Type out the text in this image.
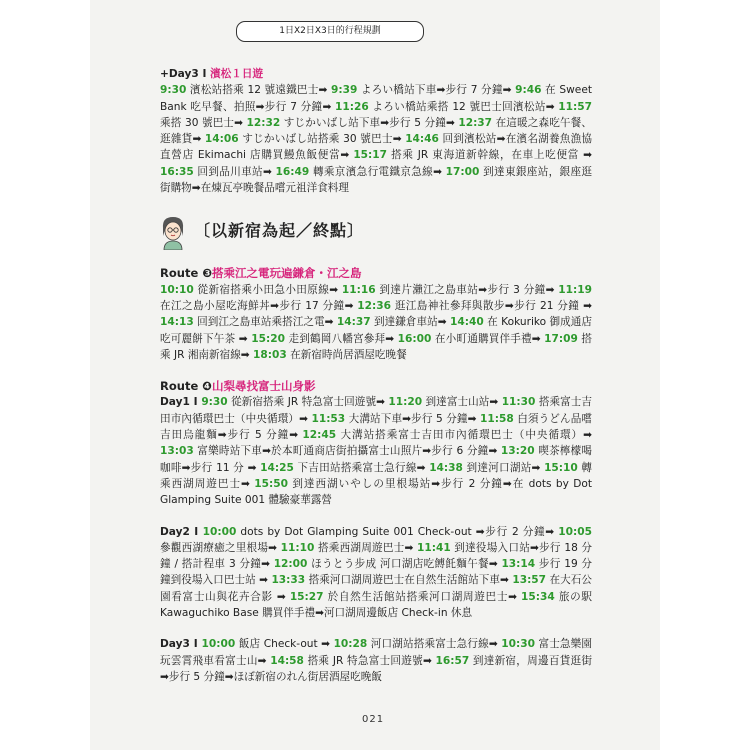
1日X2日X3日的行程規劃
+Day3 I 濱松１日遊
9:30 濱松站搭乘 12 號遠鐵巴士➡ 9:39 よろい橋站下車➡步行 7 分鐘➡ 9:46 在 Sweet Bank 吃早餐、拍照➡步行 7 分鐘➡ 11:26 よろい橋站乘搭 12 號巴士回濱松站➡ 11:57 乘搭 30 號巴士➡ 12:32 すじかいばし站下車➡步行 5 分鐘➡ 12:37 在這暖之森吃午餐、逛雜貨➡ 14:06 すじかいばし站搭乘 30 號巴士➡ 14:46 回到濱松站➡在濱名湖養魚漁協直營店 Ekimachi 店購買鰻魚飯便當➡ 15:17 搭乘 JR 東海道新幹線，在車上吃便當 ➡ 16:35 回到品川車站➡ 16:49 轉乘京濱急行電鐵京急線➡ 17:00 到達東銀座站，銀座逛街購物➡在煉瓦亭晚餐品嚐元祖洋食料理
〔以新宿為起／終點〕
Route ❸搭乘江之電玩遍鎌倉・江之島
10:10 從新宿搭乘小田急小田原線➡ 11:16 到達片瀨江之島車站➡步行 3 分鐘➡ 11:19 在江之島小屋吃海鮮丼➡步行 17 分鐘➡ 12:36 逛江島神社參拜與散步➡步行 21 分鐘 ➡ 14:13 回到江之島車站乘搭江之電➡ 14:37 到達鎌倉車站➡ 14:40 在 Kokuriko 御成通店吃可麗餅下午茶 ➡ 15:20 走到鶴岡八幡宮參拜➡ 16:00 在小町通購買伴手禮➡ 17:09 搭乘 JR 湘南新宿線➡ 18:03 在新宿時尚居酒屋吃晚餐
Route ❹山梨尋找富士山身影
Day1 I 9:30 從新宿搭乘 JR 特急富士回遊號➡ 11:20 到達富士山站➡ 11:30 搭乘富士吉田市內循環巴士（中央循環）➡ 11:53 大溝站下車➡步行 5 分鐘➡ 11:58 白須うどん品嚐吉田烏龍麵➡步行 5 分鐘➡ 12:45 大溝站搭乘富士吉田市內循環巴士（中央循環）➡ 13:03 富樂時站下車➡於本町通商店街拍攝富士山照片➡步行 6 分鐘➡ 13:20 喫茶檸檬喝咖啡➡步行 11 分 ➡ 14:25 下吉田站搭乘富士急行線➡ 14:38 到達河口湖站➡ 15:10 轉乘西湖周遊巴士➡ 15:50 到達西湖いやしの里根場站➡步行 2 分鐘➡在 dots by Dot Glamping Suite 001 體驗豪華露營
Day2 I 10:00 dots by Dot Glamping Suite 001 Check-out ➡步行 2 分鐘➡ 10:05 參觀西湖療癒之里根場➡ 11:10 搭乘西湖周遊巴士➡ 11:41 到達役場入口站➡步行 18 分鐘 / 搭計程車 3 分鐘➡ 12:00 ほうとう步成 河口湖店吃餺飥麵午餐➡ 13:14 步行 19 分鐘到役場入口巴士站 ➡ 13:33 搭乘河口湖周遊巴士在自然生活館站下車➡ 13:57 在大石公園看富士山與花卉合影 ➡ 15:27 於自然生活館站搭乘河口湖周遊巴士➡ 15:34 旅の駅 Kawaguchiko Base 購買伴手禮➡河口湖周邊飯店 Check-in 休息
Day3 I 10:00 飯店 Check-out ➡ 10:28 河口湖站搭乘富士急行線➡ 10:30 富士急樂園玩雲霄飛車看富士山➡ 14:58 搭乘 JR 特急富士回遊號➡ 16:57 到達新宿，周邊百貨逛街➡步行 5 分鐘➡ほぼ新宿のれん街居酒屋吃晚飯
021
